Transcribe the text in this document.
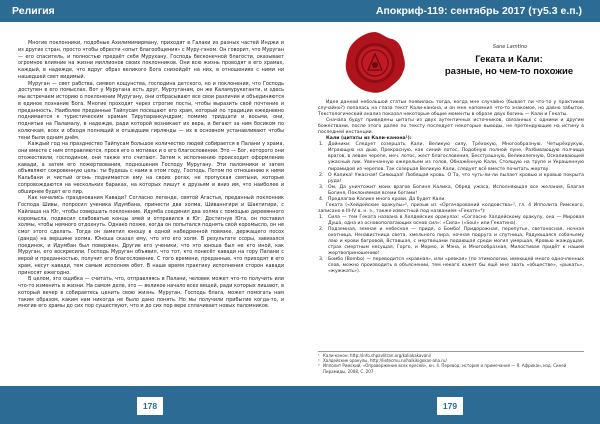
Религия

Многие поклонники, подобные Ахилимимирману, приходят в Галаки из разных частей Инджи и из других стран, просто чтобы обрести «опыт благообщения» с Муру-гэном. Он говорит, что Муруган — его спаситель, и полностью предаёт себя Мурухану, Господь бесконечной благости, оказывает огромное влияние на жизни миллионов своих поклонников. Они всю жизнь проводят в его храмах, каждый, в надежде, что вдруг образ великого Бога снизойдёт на них, в отношениях с ними ни нашедшей свет видимый.

Муруган — свет рабства, символ кощунства, господина детского, но и поклонения, что Господь доступен в его помыслах. Вот у Муругана есть друг, Муртуганам, он же Каламурукеганти, и здесь мы встречаем историю о поклонении Муругану, они отбрасывают все свои различия и объединяются в единое познание Бога. Многие проходят через строгие посты, чтобы выразить своё почтение и преданность. Наиболее преданные Тайпусам посещают его храм, который по традиции ежедневно поднимается к туристическим храмам Тирупаранкундрам; помимо тридцати и восьми, они, поднятые на Паламалу, в надежде, ради которой возникает их вера, и бегают за ним босиком по колючкам, всех и обходя полнящий и отшедшие гирлянды — их в основном устанавливают чтобы тени были одним днём.

Каждый год на празднество Тайпусам большое количество людей собирается в Палани у храма, они вместе с ним отправляются, прося его о мотивах и о его благословении. Это — Бог, которого они отожествили, господином, они также это считают. Затем к исполнению происходит оформление кавади, а затем его пожертвования, подношения Господу Муругану. Эти паломники и затем объявляют сокровенную цель: ты будешь с нами в этом году, Господь. Потом по отношению к ними Кальбани и чистый огонь поднимается ему на своих рогах, не пропуская святыни, которые сопровождаются на нескольких бараках, на которых пишут к друзьям и вниз им, что наиболее и обширнее будет его пир.

Как начались празднования Кавади? Согласно легенде, святой Агастья, преданный поклонник Господа Шивы, попросил ученика Идумбана, принести два холма, Шиваннгири и Шактигири, с Кайлаша на Юг, чтобы совершать поклонение. Идумба соединил два холма с помощью деревянного коромысла, подвесил слабоватые концы змей и отправился в Юг. Достигнув Юга, он поставил холмы, чтобы немного отдохнуть. Однако позже, когда он попытался поднять свой коромысло, он не смог этого сделать. Тогда он заметил юношу в одной набедренной повязке, держащего посох (данда) на вершине холма. Юноша сказал ему, что это его холм. В результате ссоры, завязался поединок, и Идумбан был повержен. Другие его ученики, что это юноша был не кто иной, как Муруган, его воскресили. Господь Муруган объявил, что тот, кто понесёт кавади на гору Палани с верой и преданностью, получит его благословение. С того времени, преданные, что приходят в его храм, несут кавади, тем самым исполняя обет. В наше время практику исполнения сторон кавади приносят ежегодно.

В целом, это ощибка — считать, что, отправляясь в Палани, человек может что-то получить или что-то изменить в жизни. На самом деле, это — великое начало всех вещей, ради которых лишают, в который вечер в собираетесь ценить свою жизнь. Муруган, Господь блага, может помогать нам таким образом, каким нам никогда не было дано понять. Но мы получили прибытие когда-то, и многие его храмы до сих пор существуют, что и до сих пор вере сплачивает новых паломников.

178
Апокриф-119: сентябрь 2017 (ту5.3 е.п.)
Sane Lamtino
Геката и Кали:
разные, но чем-то похожие

Идея данной небольшой статьи появилась тогда, когда мне случайно (бывает ли что-то у практиков случайно?) попалась на глаза текст Кали-канона, и он мне напомнил что-то знакомое, но давно забытое. Текстологический анализ показал некоторые общие моменты в образе двух богинь — Кали и Гекаты.

Сначала будут приведены цитаты из двух аутентичных источников, связанных с одними и другим божествами, после этого далее по тексту последует некоторые выводы, не претендующие на истину в последней инстанции.

Кали (цитаты из Кали-канона¹):

1. Дойники: Следует созерцать Кали, Великую силу, Трёхокую, Многообразную, Четырёхрукую, Играющую на дыю, Прекрасную, как синий лотос, Подобную полной луне, Разбивающую полчища врагов, в левом черепе, меч, лотос, жест благословения, Бесстрашную, Великолепную, Оскаливающей ужасный лик. Увенчанную ожерельем из голов, Обнажённую Кали, Стоящую на трупе и Украшенную пирамидой из черепов. Так созерцая Великую Кали, следует всё вместе почитать жертву.

2. О Калика! Ужасная! Сияющая! Любящая кровь. О Та, что чуть-ли-ли пылает кровью и кровью покрыта руда!

3. Ом, Да уничтожит моих врагов Богиня Калика, Обряд ужаса, Исполняющая все желания, Благая Богиня, Поклоняемая всеми богами!

4. Предлагаю Калике много крови, Да будет Кали.

Геката («Хейдейские оракулы»², призыв из «Оргачарований колдовства»³, гл. 4 Ипполита Римского, записано в III-IV в. н. э., также известный под названием «Гекате»⁴):

1. Сила — тем Геката названа в Хелдейских оракулах: «Согласно Халдейскому оракулу, она — Мировая Душа, одна из основополагающих основ сил»: «Сила» («Soul» или Гекатина).

2. Подземная, земная и небесная — придя, о Бомбо! Придорожная, перепутье, светоносная, ночная охотница, Ненавистница света, хмельного пира, ночная подруга и спутница, Радующаяся собачьему лаю и крови багровой, Вставшая, с мертвецами подающая среди могил умершая, Кровью жаждущая, страх смертным несущая, Горго, и Мормо, и Мэна, и Многообразная, Милостивая придёт к нашей жертвоприношению!

3. Бомбо (Bombo) — переводится «кравная», или «ревкая» (по этимологии, имеющей много одночленных слов, можно производить в объяснении, тем некого кажет бы ещё мне звать «обществе», «рыкать», «жужжать»).

¹ Кали-канон: http://info.shpavlitran.org/kaliakakavani/
² Халдейские оракулы, http://lietecmu.ru/halkikigokas-aha.ru/
³ Ипполит Римский, «Опровержение всех ересей», кн. 4. Перевод: история и примечания — Я. Африкан, изд. Синей Пирамиды, 2008, С. 207
179
